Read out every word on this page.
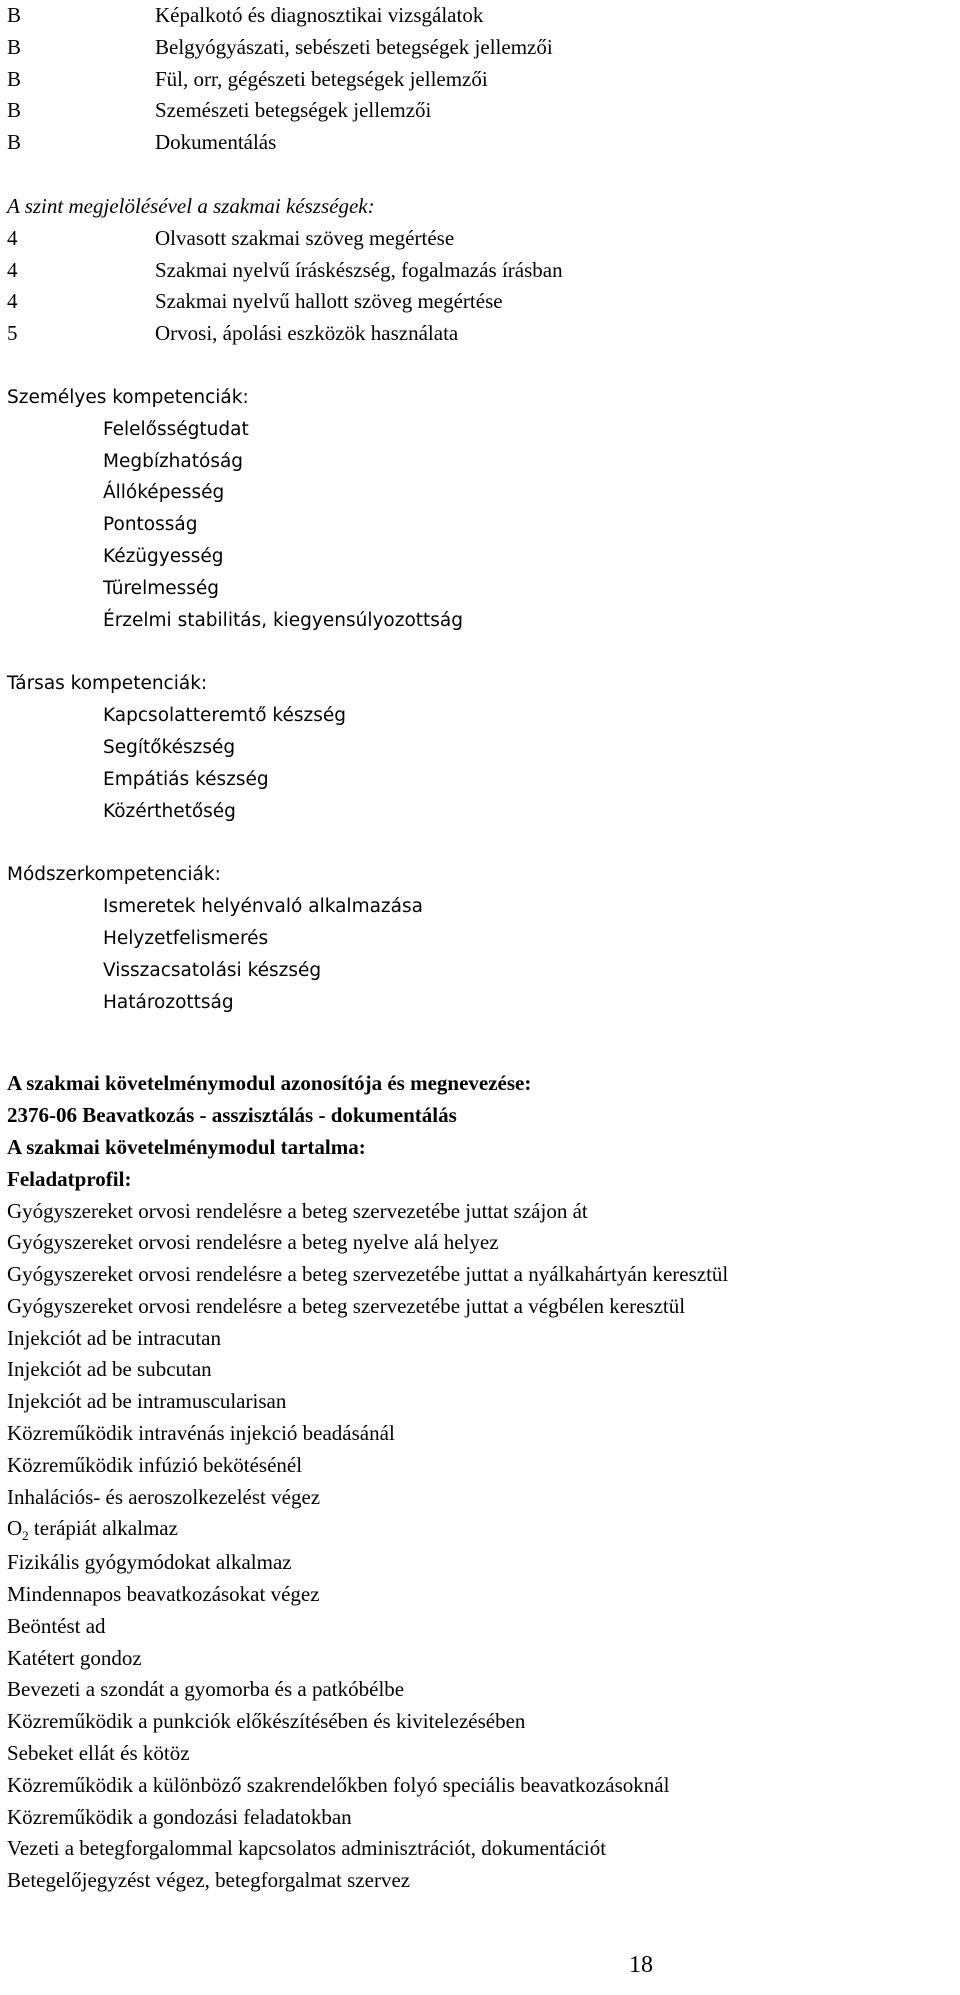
B	Képalkotó és diagnosztikai vizsgálatok
B	Belgyógyászati, sebészeti betegségek jellemzői
B	Fül, orr, gégészeti betegségek jellemzői
B	Szemészeti betegségek jellemzői
B	Dokumentálás
A szint megjelölésével a szakmai készségek:
4	Olvasott szakmai szöveg megértése
4	Szakmai nyelvű íráskészség, fogalmazás írásban
4	Szakmai nyelvű hallott szöveg megértése
5	Orvosi, ápolási eszközök használata
Személyes kompetenciák:
Felelősségtudat
Megbízhatóság
Állóképesség
Pontosság
Kézügyesség
Türelmesség
Érzelmi stabilitás, kiegyensúlyozottság
Társas kompetenciák:
Kapcsolatteremtő készség
Segítőkészség
Empátiás készség
Közérthetőség
Módszerkompetenciák:
Ismeretek helyénvaló alkalmazása
Helyzetfelismerés
Visszacsatolási készség
Határozottság
A szakmai követelménymodul azonosítója és megnevezése:
2376-06 Beavatkozás - asszisztálás - dokumentálás
A szakmai követelménymodul tartalma:
Feladatprofil:
Gyógyszereket orvosi rendelésre a beteg szervezetébe juttat szájon át
Gyógyszereket orvosi rendelésre a beteg nyelve alá helyez
Gyógyszereket orvosi rendelésre a beteg szervezetébe juttat a nyálkahártyán keresztül
Gyógyszereket orvosi rendelésre a beteg szervezetébe juttat a végbélen keresztül
Injekciót ad be intracutan
Injekciót ad be subcutan
Injekciót ad be intramuscularisan
Közreműködik intravénás injekció beadásánál
Közreműködik infúzió bekötésénél
Inhalációs- és aeroszolkezelést végez
$O_2$ terápiát alkalmaz
Fizikális gyógymódokat alkalmaz
Mindennapos beavatkozásokat végez
Beöntést ad
Katétert gondoz
Bevezeti a szondát a gyomorba és a patkóbélbe
Közreműködik a punkciók előkészítésében és kivitelezésében
Sebeket ellát és kötöz
Közreműködik a különböző szakrendelőkben folyó speciális beavatkozásoknál
Közreműködik a gondozási feladatokban
Vezeti a betegforgalommal kapcsolatos adminisztrációt, dokumentációt
Betegelőjegyzést végez, betegforgalmat szervez
18
